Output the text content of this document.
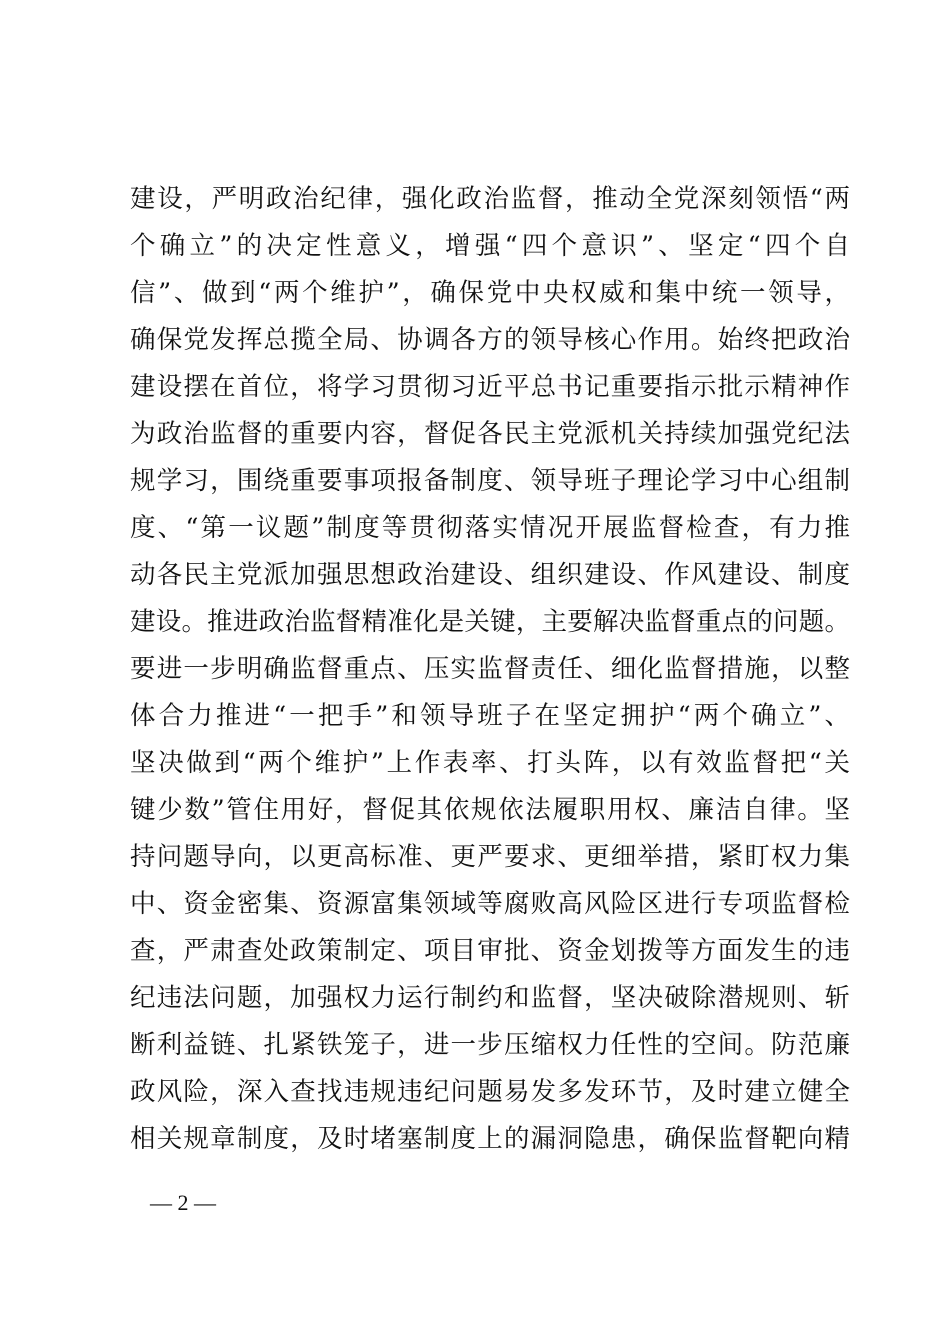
建设，严明政治纪律，强化政治监督，推动全党深刻领悟“两
个确立”的决定性意义，增强“四个意识”、坚定“四个自
信”、做到“两个维护”，确保党中央权威和集中统一领导，
确保党发挥总揽全局、协调各方的领导核心作用。始终把政治
建设摆在首位，将学习贯彻习近平总书记重要指示批示精神作
为政治监督的重要内容，督促各民主党派机关持续加强党纪法
规学习，围绕重要事项报备制度、领导班子理论学习中心组制
度、“第一议题”制度等贯彻落实情况开展监督检查，有力推
动各民主党派加强思想政治建设、组织建设、作风建设、制度
建设。推进政治监督精准化是关键，主要解决监督重点的问题。
要进一步明确监督重点、压实监督责任、细化监督措施，以整
体合力推进“一把手”和领导班子在坚定拥护“两个确立”、
坚决做到“两个维护”上作表率、打头阵，以有效监督把“关
键少数”管住用好，督促其依规依法履职用权、廉洁自律。坚
持问题导向，以更高标准、更严要求、更细举措，紧盯权力集
中、资金密集、资源富集领域等腐败高风险区进行专项监督检
查，严肃查处政策制定、项目审批、资金划拨等方面发生的违
纪违法问题，加强权力运行制约和监督，坚决破除潜规则、斩
断利益链、扎紧铁笼子，进一步压缩权力任性的空间。防范廉
政风险，深入查找违规违纪问题易发多发环节，及时建立健全
相关规章制度，及时堵塞制度上的漏洞隐患，确保监督靶向精
— 2 —
